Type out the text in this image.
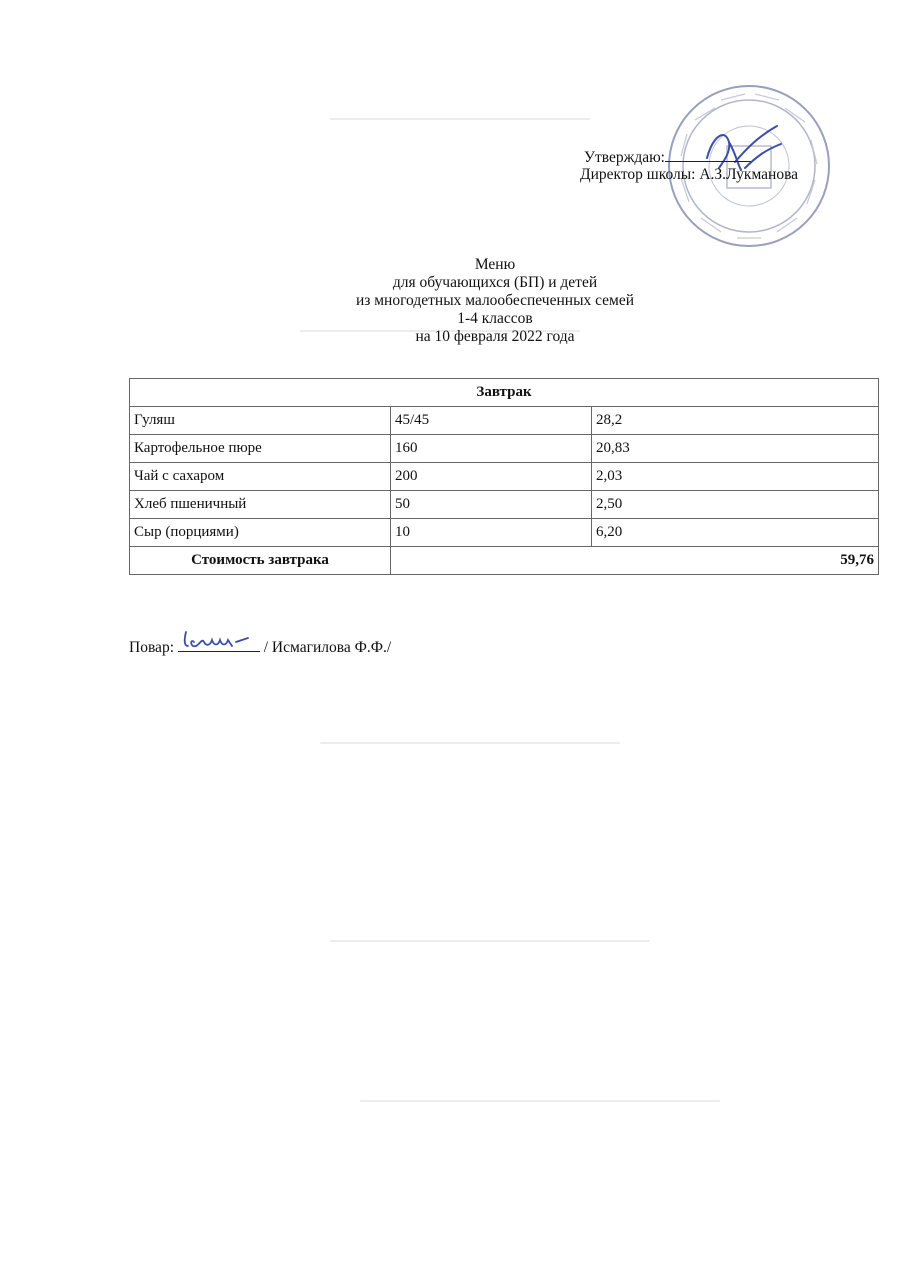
Утверждаю:
Директор школы: А.З.Лукманова
Меню
для обучающихся (БП) и детей
из многодетных малообеспеченных семей
1-4 классов
на 10 февраля 2022 года
Завтрак		
Гуляш	45/45	28,2
Картофельное пюре	160	20,83
Чай с сахаром	200	2,03
Хлеб пшеничный	50	2,50
Сыр (порциями)	10	6,20
Стоимость завтрака	59,76	
Повар:	/ Исмагилова Ф.Ф./
